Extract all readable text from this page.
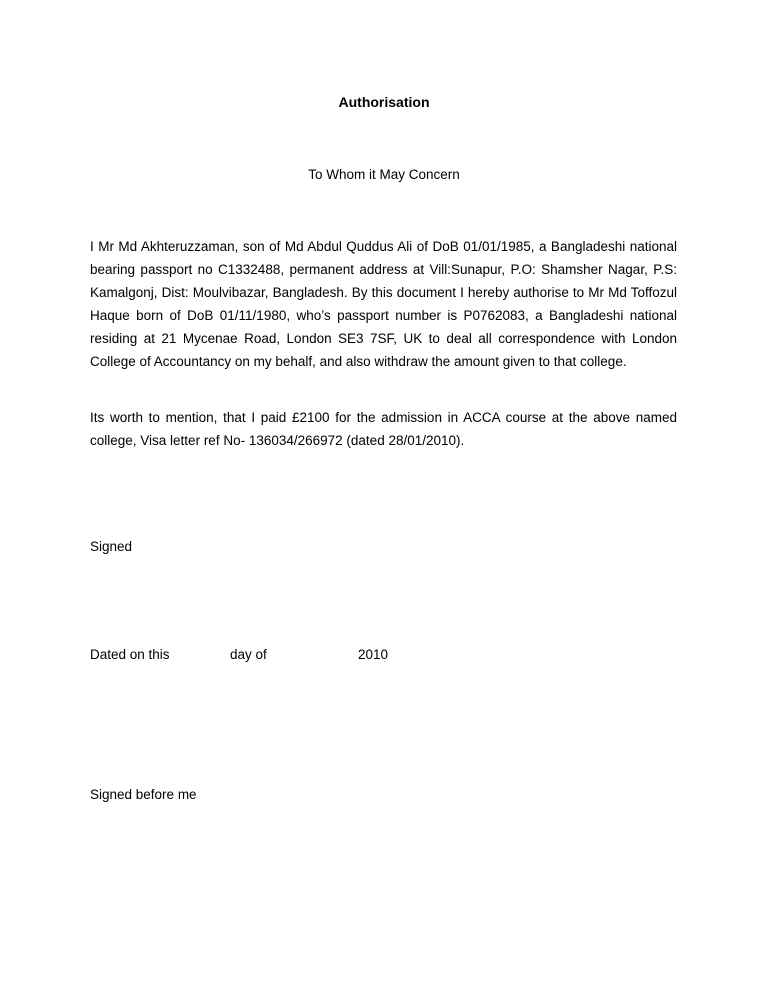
Authorisation
To Whom it May Concern

I Mr Md Akhteruzzaman, son of Md Abdul Quddus Ali of DoB 01/01/1985, a Bangladeshi national bearing passport no C1332488, permanent address at Vill:Sunapur, P.O: Shamsher Nagar, P.S: Kamalgonj, Dist: Moulvibazar, Bangladesh. By this document I hereby authorise to Mr Md Toffozul Haque born of DoB 01/11/1980, who’s passport number is P0762083, a Bangladeshi national residing at 21 Mycenae Road, London SE3 7SF, UK to deal all correspondence with London College of Accountancy on my behalf, and also withdraw the amount given to that college.

Its worth to mention, that I paid £2100 for the admission in ACCA course at the above named college, Visa letter ref No- 136034/266972 (dated 28/01/2010).

Signed

Dated on this	day of	2010

Signed before me
